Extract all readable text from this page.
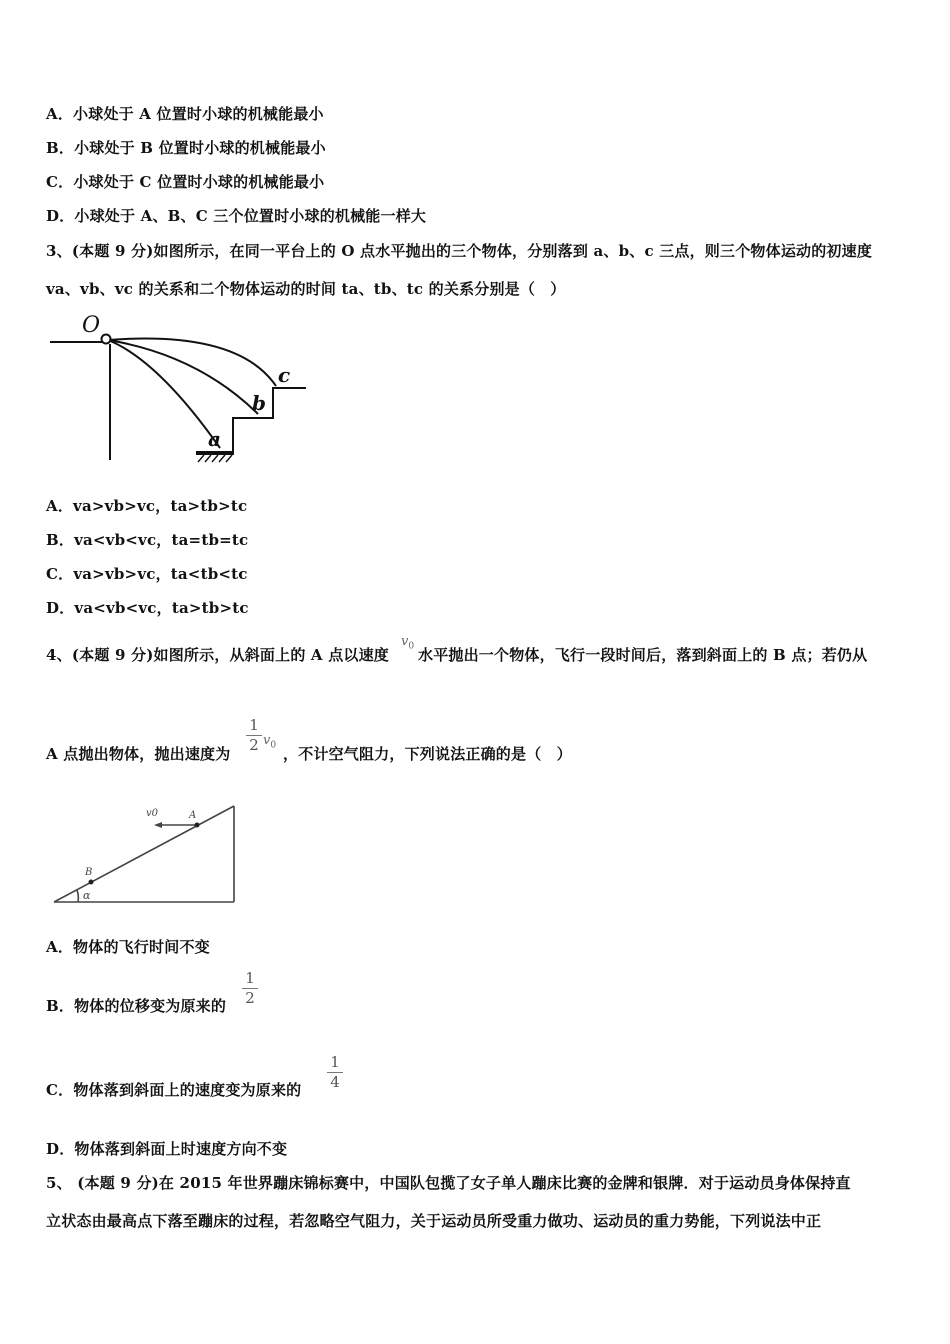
A．小球处于 A 位置时小球的机械能最小
B．小球处于 B 位置时小球的机械能最小
C．小球处于 C 位置时小球的机械能最小
D．小球处于 A、B、C 三个位置时小球的机械能一样大
3、(本题 9 分)如图所示，在同一平台上的 O 点水平抛出的三个物体，分别落到 a、b、c 三点，则三个物体运动的初速度
va、vb、vc 的关系和二个物体运动的时间 ta、tb、tc 的关系分别是（　）
O
c
b
a
A．va>vb>vc，ta>tb>tc
B．va<vb<vc，ta=tb=tc
C．va>vb>vc，ta<tb<tc
D．va<vb<vc，ta>tb>tc
4、(本题 9 分)如图所示，从斜面上的 A 点以速度
$v_0$ 水平抛出一个物体，飞行一段时间后，落到斜面上的 B 点；若仍从
A 点抛出物体，抛出速度为
1
2 $v_0$ ，不计空气阻力，下列说法正确的是（　）
v0	A
B
α
A．物体的飞行时间不变
B．物体的位移变为原来的
1
2
C．物体落到斜面上的速度变为原来的
1
4
D．物体落到斜面上时速度方向不变
5、 (本题 9 分)在 2015 年世界蹦床锦标赛中，中国队包揽了女子单人蹦床比赛的金牌和银牌．对于运动员身体保持直
立状态由最高点下落至蹦床的过程，若忽略空气阻力，关于运动员所受重力做功、运动员的重力势能，下列说法中正
